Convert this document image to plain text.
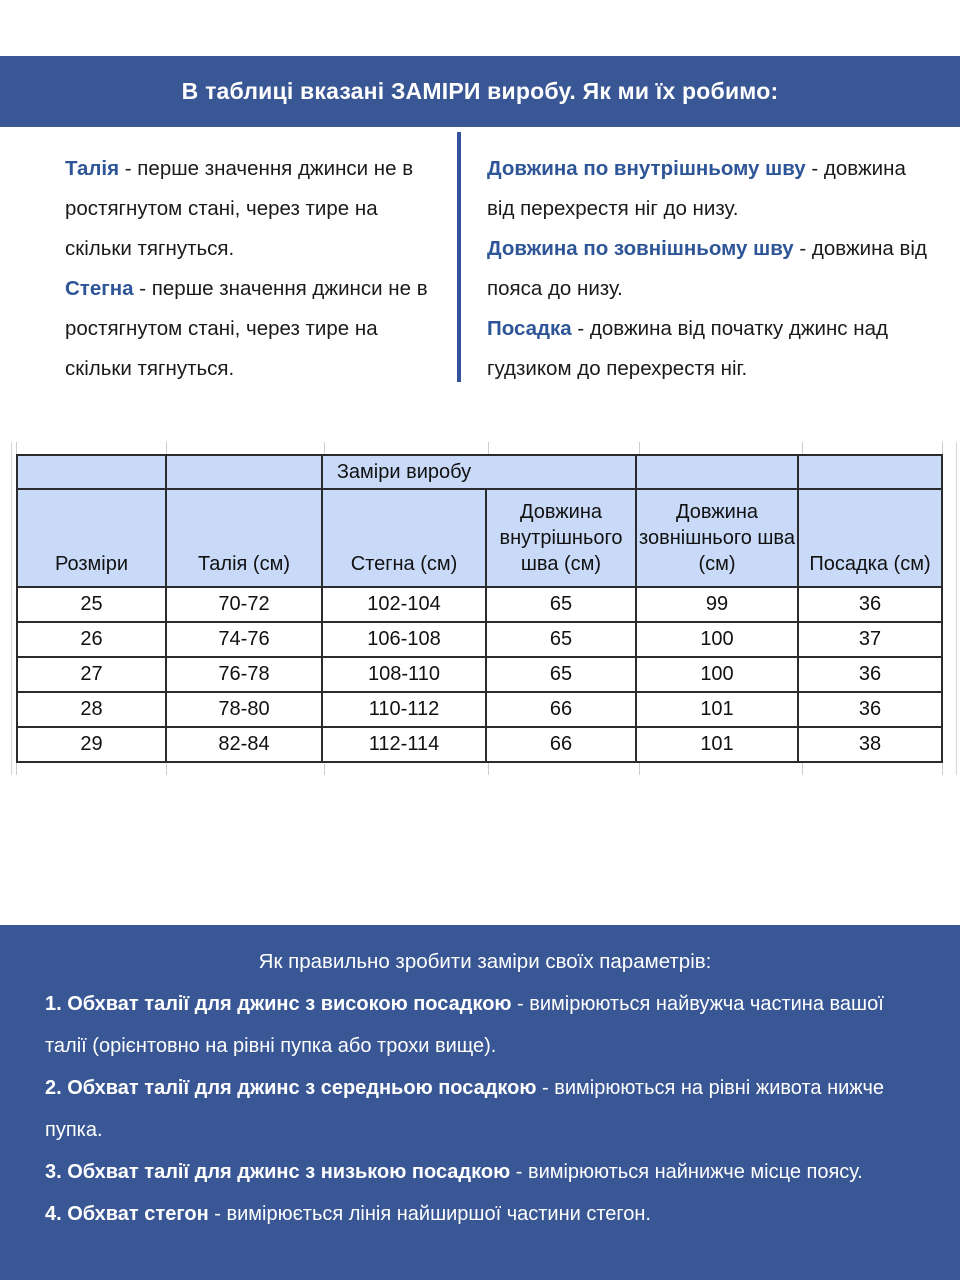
В таблиці вказані ЗАМІРИ виробу. Як ми їх робимо:

Талія - перше значення джинси не в ростягнутом стані, через тире на скільки тягнуться.

Стегна - перше значення джинси не в ростягнутом стані, через тире на скільки тягнуться.

Довжина по внутрішньому шву - довжина від перехрестя ніг до низу.

Довжина по зовнішньому шву - довжина від пояса до низу.

Посадка - довжина від початку джинс над гудзиком до перехрестя ніг.

		Заміри виробу			
Розміри	Талія (см)	Стегна (см)	Довжина внутрішнього шва (см)	Довжина зовнішнього шва (см)	Посадка (см)
25	70-72	102-104	65	99	36
26	74-76	106-108	65	100	37
27	76-78	108-110	65	100	36
28	78-80	110-112	66	101	36
29	82-84	112-114	66	101	38

Як правильно зробити заміри своїх параметрів:

1. Обхват талії для джинс з високою посадкою - вимірюються найвужча частина вашої талії (орієнтовно на рівні пупка або трохи вище).

2. Обхват талії для джинс з середньою посадкою - вимірюються на рівні живота нижче пупка.

3. Обхват талії для джинс з низькою посадкою - вимірюються найнижче місце поясу.

4. Обхват стегон - вимірюється лінія найширшої частини стегон.
